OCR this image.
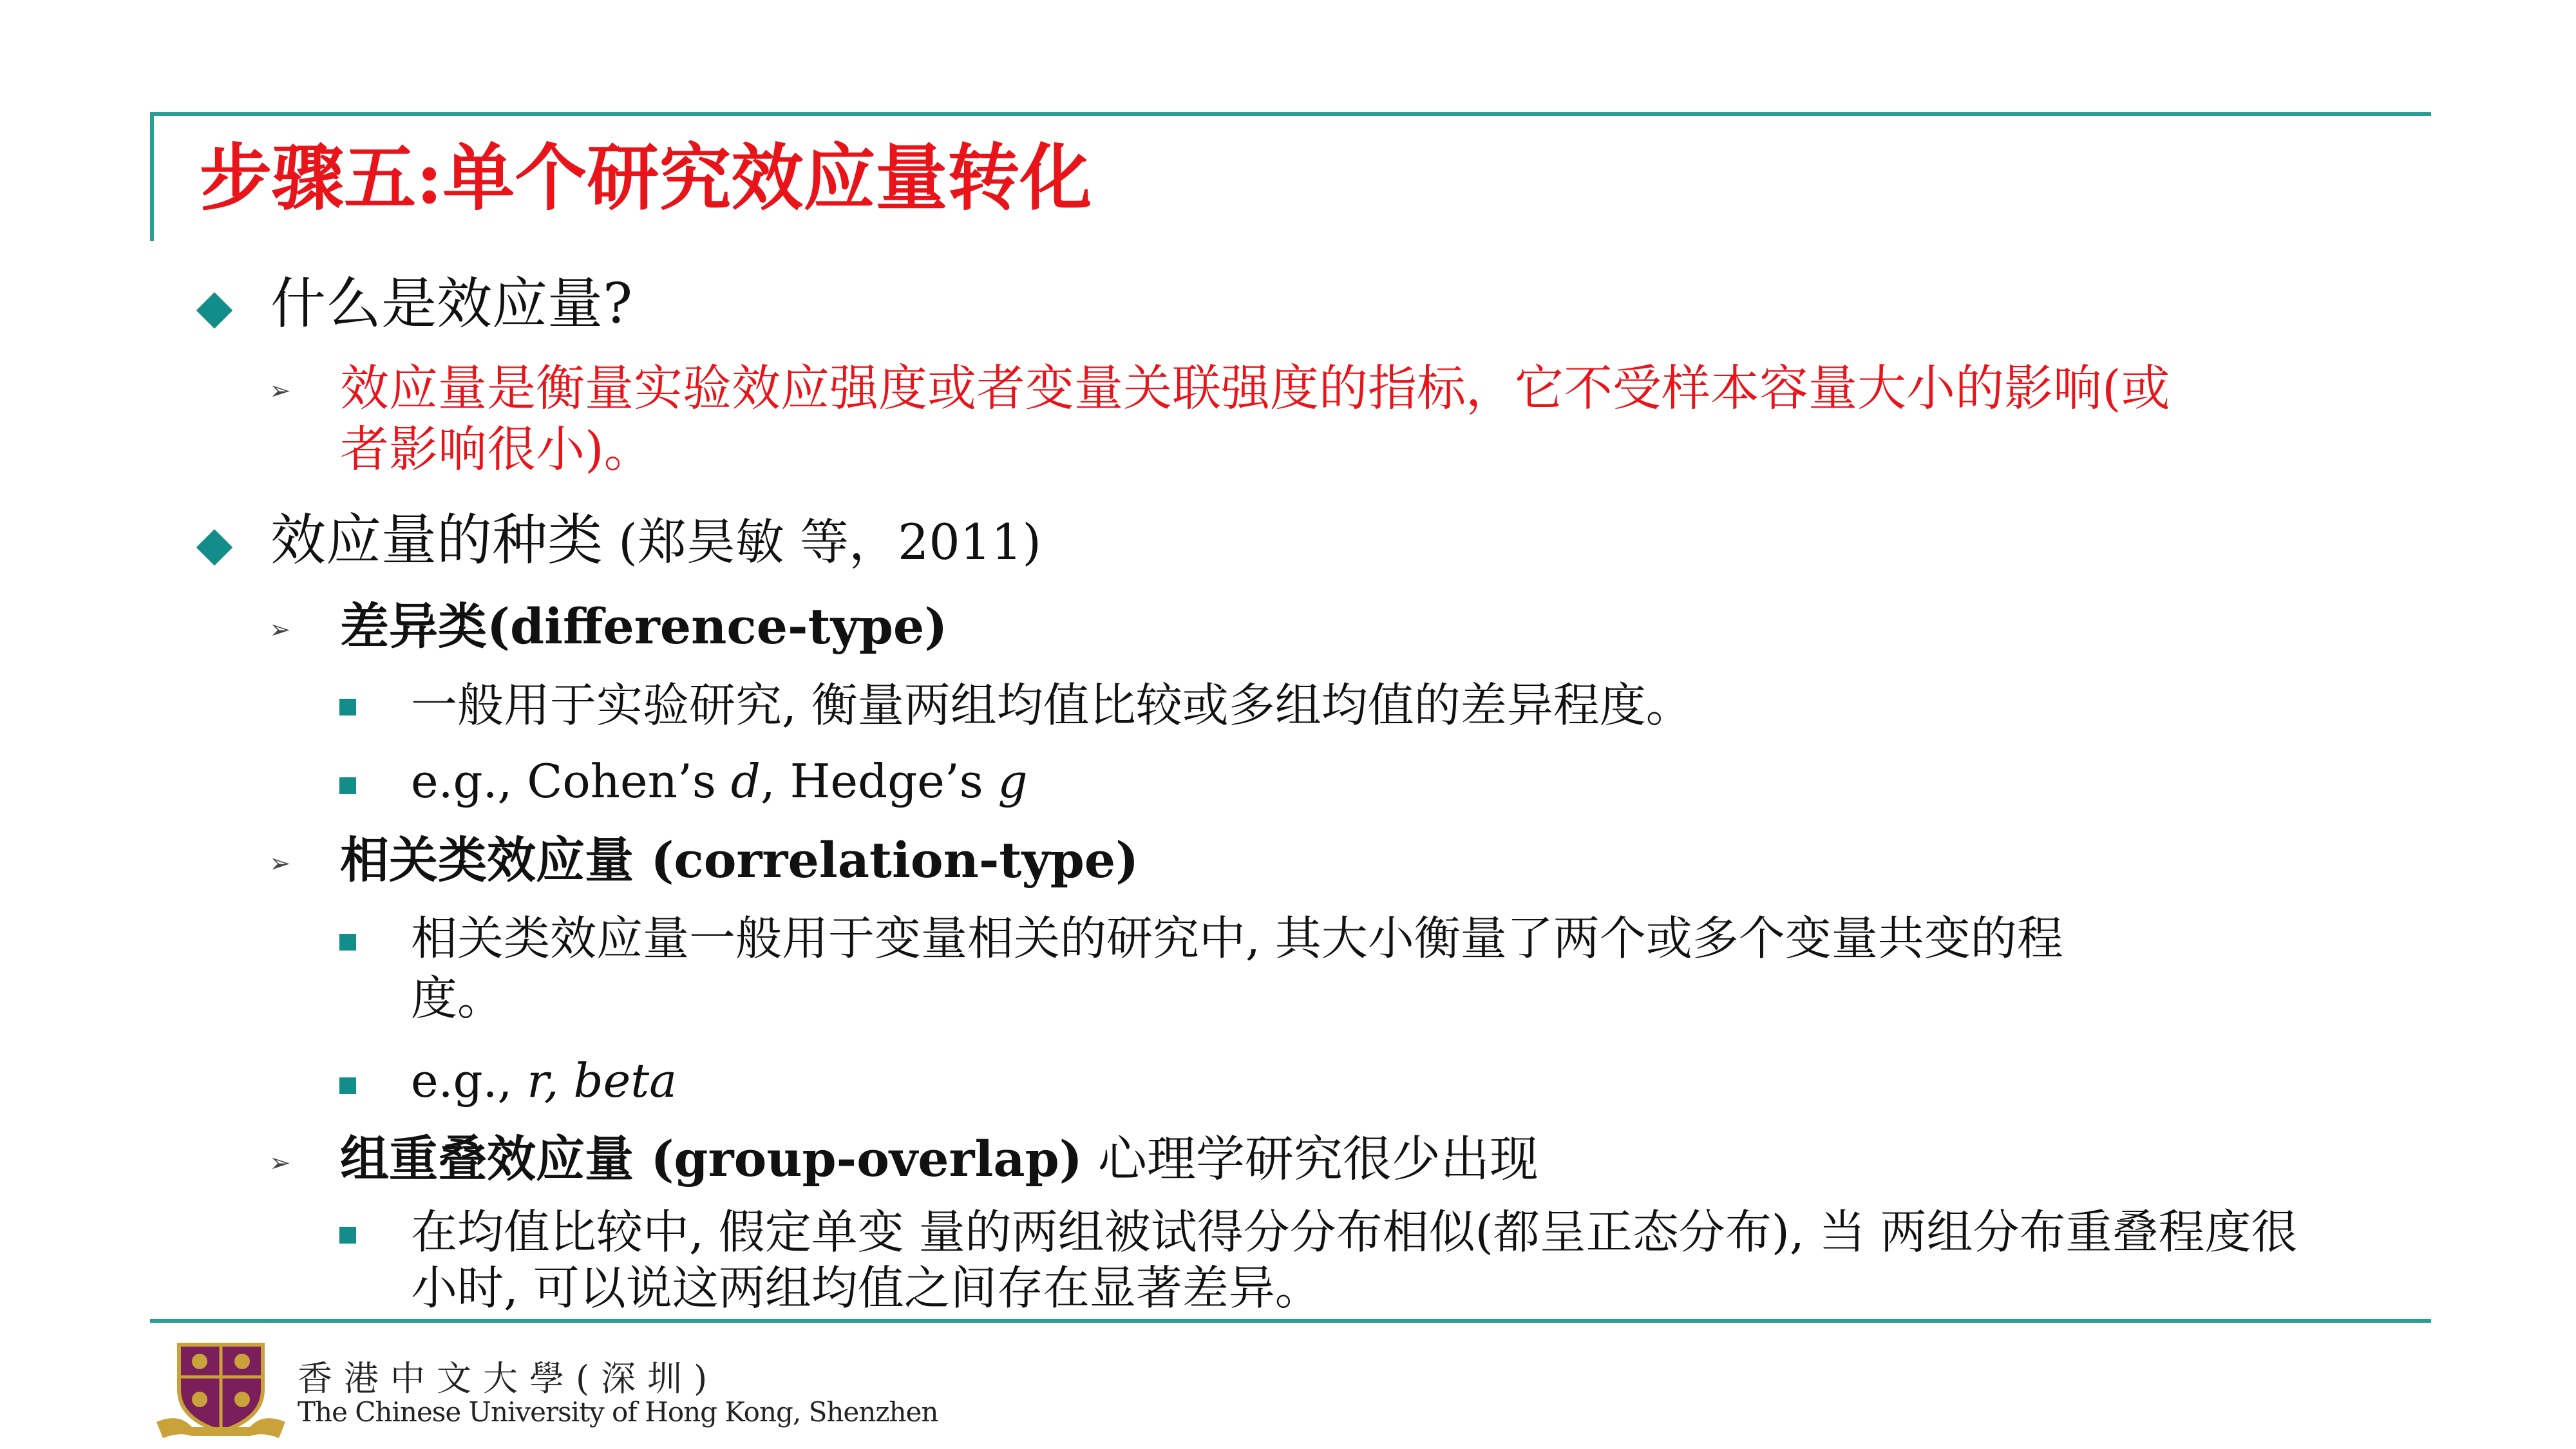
步骤五:单个研究效应量转化
什么是效应量?
➢ 效应量是衡量实验效应强度或者变量关联强度的指标，它不受样本容量大小的影响(或
者影响很小)。
效应量的种类 (郑昊敏 等，2011)
➢ 差异类(difference-type)
一般用于实验研究, 衡量两组均值比较或多组均值的差异程度。
e.g., Cohen’s d, Hedge’s g
➢ 相关类效应量 (correlation-type)
相关类效应量一般用于变量相关的研究中, 其大小衡量了两个或多个变量共变的程
度。
e.g., r, beta
➢ 组重叠效应量 (group-overlap) 心理学研究很少出现
在均值比较中, 假定单变 量的两组被试得分分布相似(都呈正态分布), 当 两组分布重叠程度很
小时, 可以说这两组均值之间存在显著差异。
香港中文大學(深圳)
The Chinese University of Hong Kong, Shenzhen
